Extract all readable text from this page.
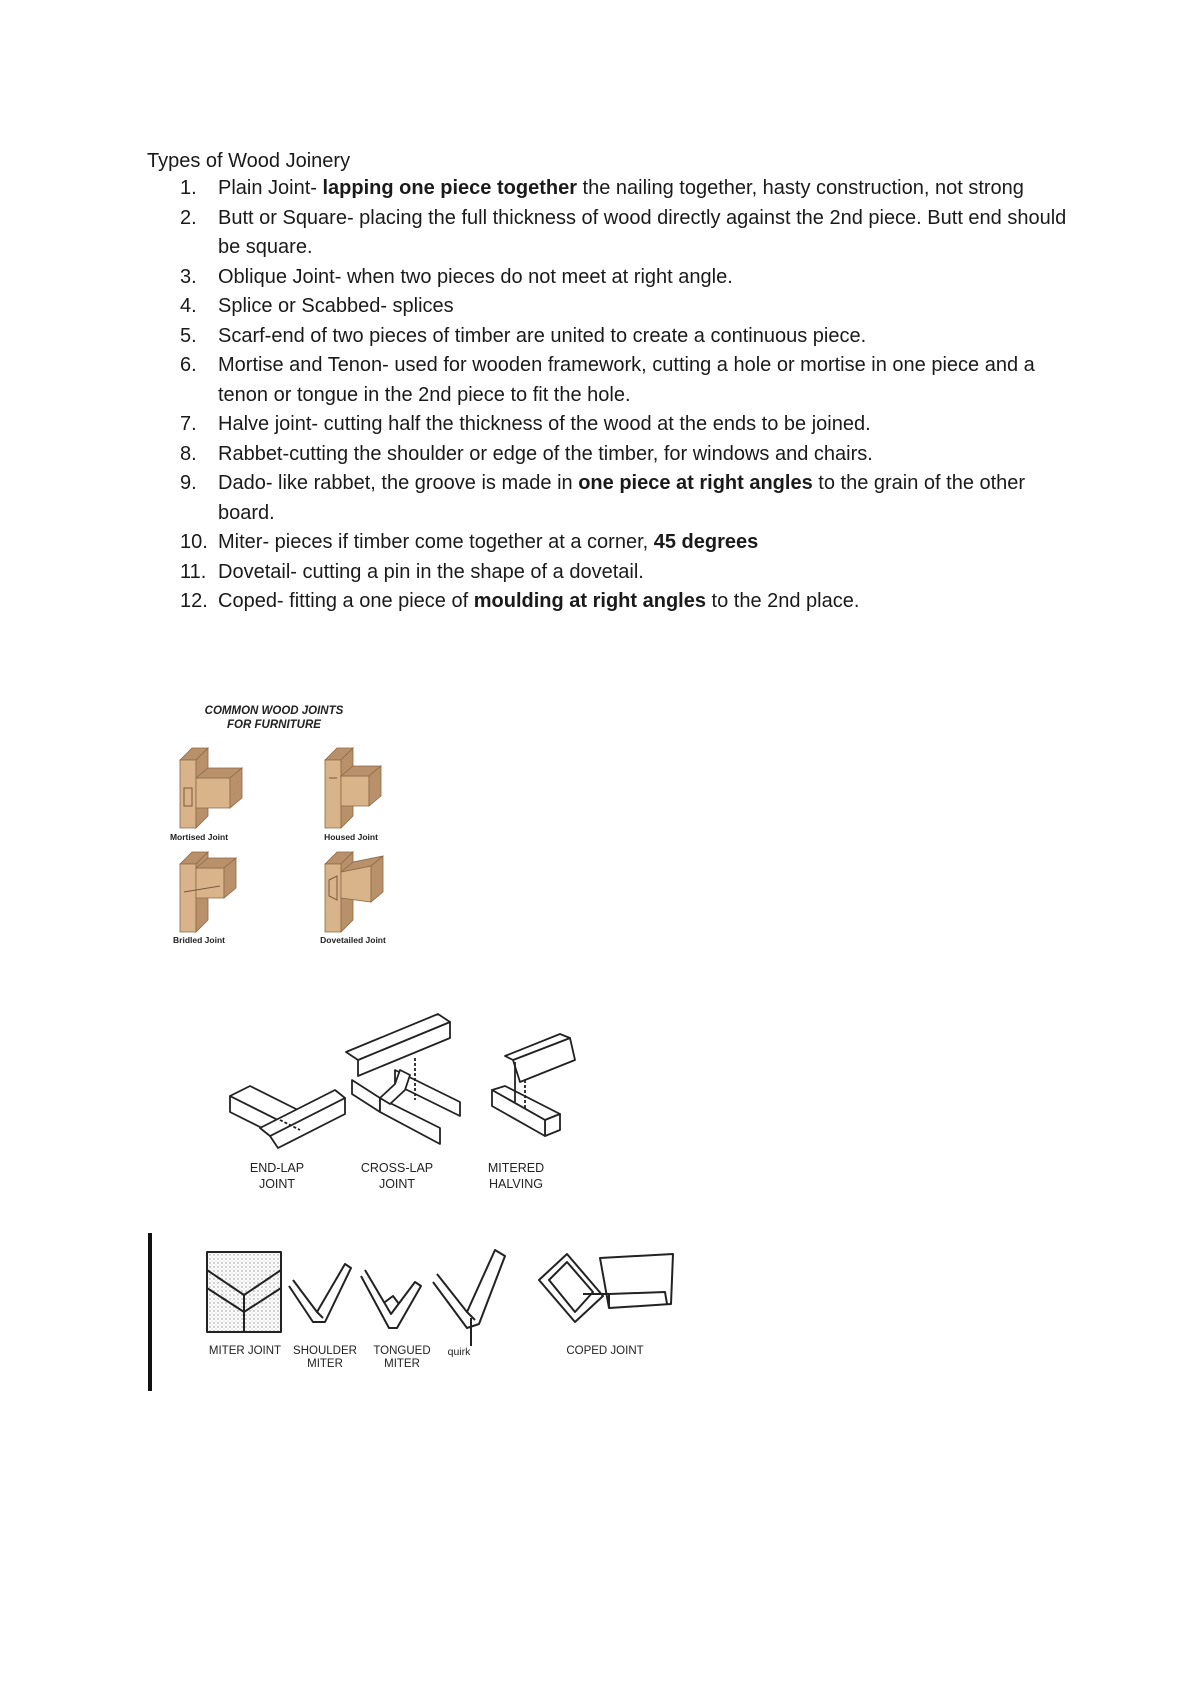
Types of Wood Joinery
1.	Plain Joint- lapping one piece together the nailing together, hasty construction, not strong
2.	Butt or Square- placing the full thickness of wood directly against the 2nd piece. Butt end should be square.
3.	Oblique Joint- when two pieces do not meet at right angle.
4.	Splice or Scabbed- splices
5.	Scarf-end of two pieces of timber are united to create a continuous piece.
6.	Mortise and Tenon- used for wooden framework, cutting a hole or mortise in one piece and a tenon or tongue in the 2nd piece to fit the hole.
7.	Halve joint- cutting half the thickness of the wood at the ends to be joined.
8.	Rabbet-cutting the shoulder or edge of the timber, for windows and chairs.
9.	Dado- like rabbet, the groove is made in one piece at right angles to the grain of the other board.
10. Miter- pieces if timber come together at a corner, 45 degrees
11. Dovetail- cutting a pin in the shape of a dovetail.
12. Coped- fitting a one piece of moulding at right angles to the 2nd place.
COMMON WOOD JOINTS
FOR FURNITURE
Mortised Joint	Housed Joint
Bridled Joint	Dovetailed Joint
END-LAP
JOINT
CROSS-LAP
JOINT
MITERED
HALVING
MITER JOINT SHOULDER
MITER
TONGUED
MITER
quirk	COPED JOINT
